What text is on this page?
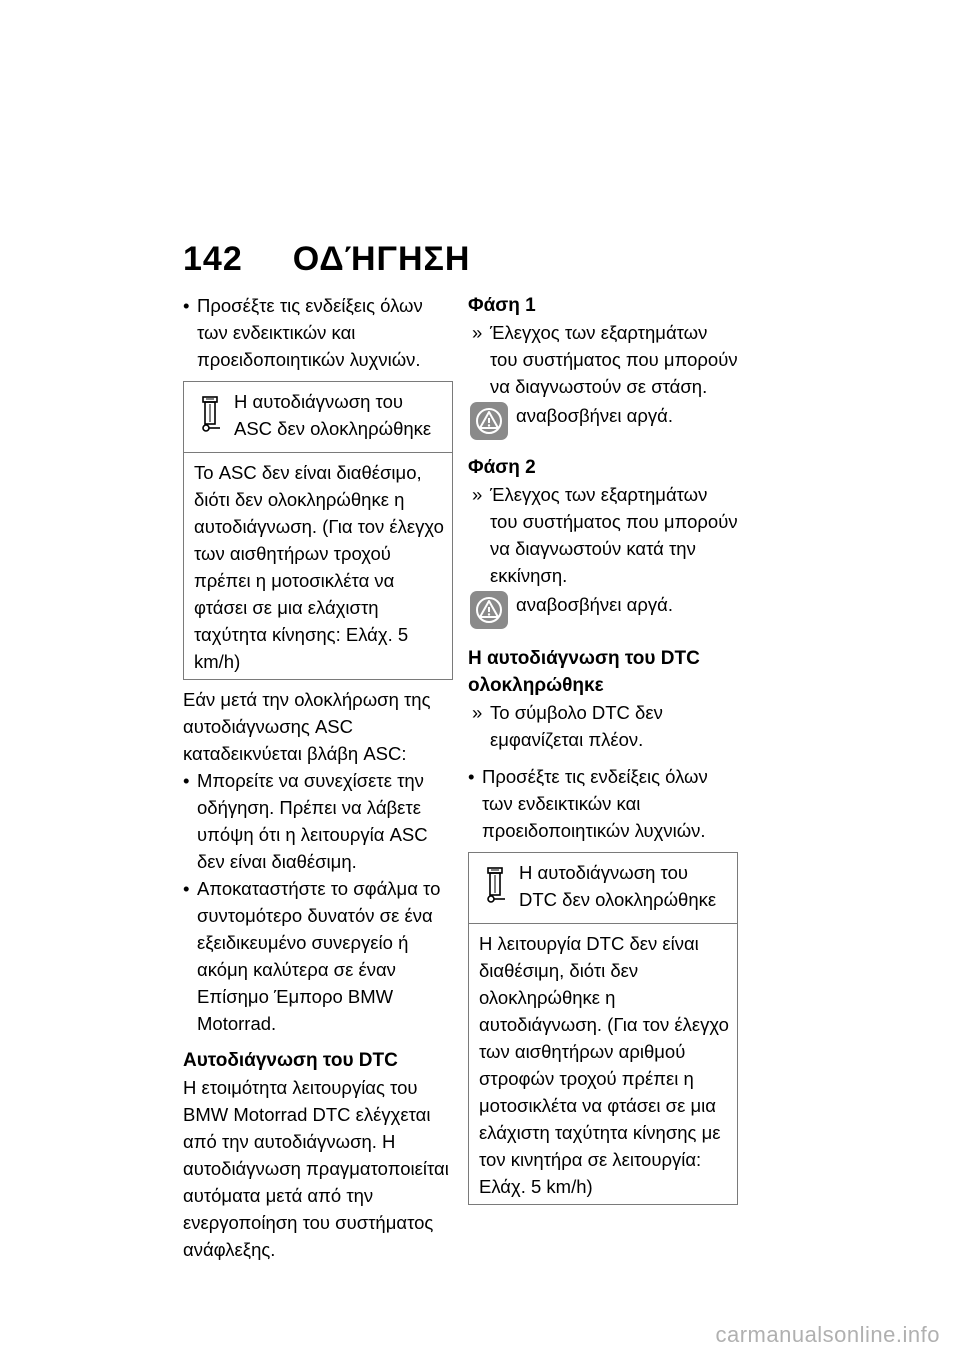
142 ΟΔΉΓΗΣΗ

• Προσέξτε τις ενδείξεις όλων των ενδεικτικών και προειδοποιητικών λυχνιών.

Η αυτοδιάγνωση του ASC δεν ολοκληρώθηκε
Το ASC δεν είναι διαθέσιμο, διότι δεν ολοκληρώθηκε η αυτοδιάγνωση. (Για τον έλεγχο των αισθητήρων τροχού πρέπει η μοτοσικλέτα να φτάσει σε μια ελάχιστη ταχύτητα κίνησης: Ελάχ. 5 km/h)

Εάν μετά την ολοκλήρωση της αυτοδιάγνωσης ASC καταδεικνύεται βλάβη ASC:

• Μπορείτε να συνεχίσετε την οδήγηση. Πρέπει να λάβετε υπόψη ότι η λειτουργία ASC δεν είναι διαθέσιμη.

• Αποκαταστήστε το σφάλμα το συντομότερο δυνατόν σε ένα εξειδικευμένο συνεργείο ή ακόμη καλύτερα σε έναν Επίσημο Έμπορο BMW Motorrad.

Αυτοδιάγνωση του DTC

Η ετοιμότητα λειτουργίας του BMW Motorrad DTC ελέγχεται από την αυτοδιάγνωση. Η αυτοδιάγνωση πραγματοποιείται αυτόματα μετά από την ενεργοποίηση του συστήματος ανάφλεξης.

Φάση 1

» Έλεγχος των εξαρτημάτων του συστήματος που μπορούν να διαγνωστούν σε στάση.

αναβοσβήνει αργά.

Φάση 2

» Έλεγχος των εξαρτημάτων του συστήματος που μπορούν να διαγνωστούν κατά την εκκίνηση.

αναβοσβήνει αργά.

Η αυτοδιάγνωση του DTC ολοκληρώθηκε

» Το σύμβολο DTC δεν εμφανίζεται πλέον.

• Προσέξτε τις ενδείξεις όλων των ενδεικτικών και προειδοποιητικών λυχνιών.

Η αυτοδιάγνωση του DTC δεν ολοκληρώθηκε
Η λειτουργία DTC δεν είναι διαθέσιμη, διότι δεν ολοκληρώθηκε η αυτοδιάγνωση. (Για τον έλεγχο των αισθητήρων αριθμού στροφών τροχού πρέπει η μοτοσικλέτα να φτάσει σε μια ελάχιστη ταχύτητα κίνησης με τον κινητήρα σε λειτουργία: Ελάχ. 5 km/h)
carmanualsonline.info
